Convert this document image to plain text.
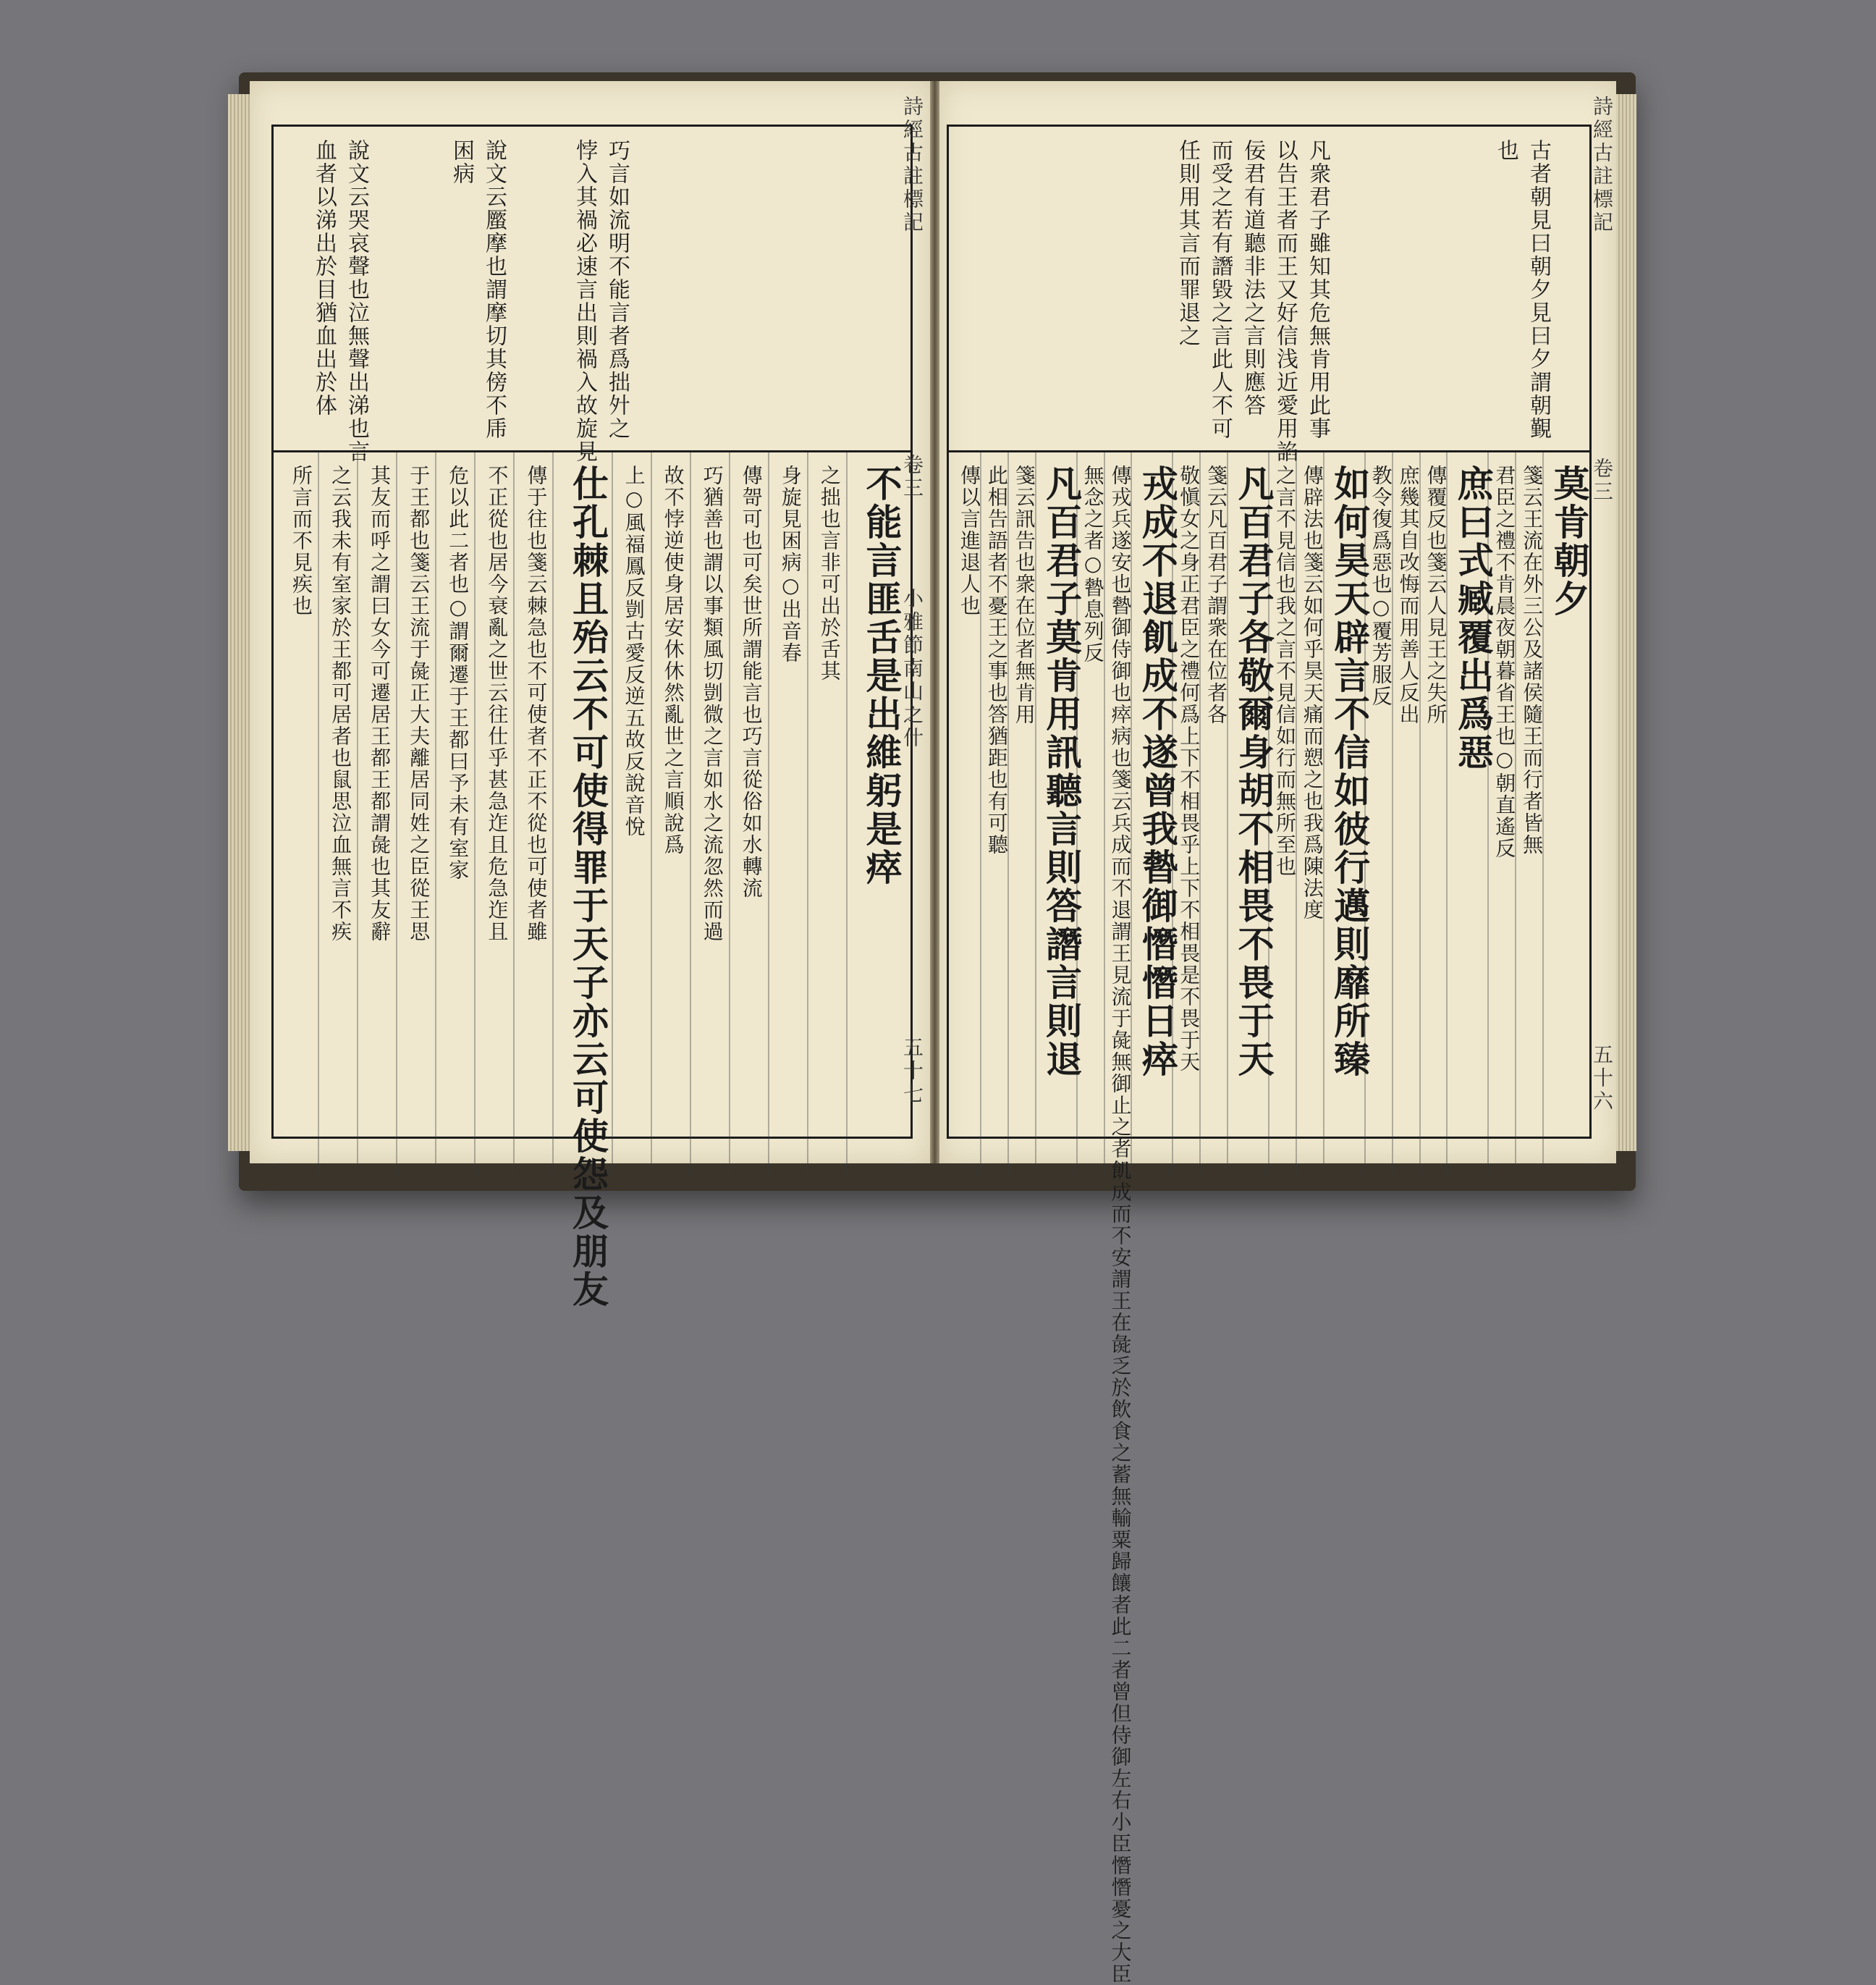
詩經古註標記
卷三
小雅節南山之什
五十七
血者以涕出於目猶血出於体 說文云哭哀聲也泣無聲出涕也言	困病 說文云蟨摩也謂摩切其傍不乕	悖入其禍必速言出則禍入故旋見 巧言如流明不能言者爲拙㚈之
不能言匪舌是出維躬是瘁
之拙也言非可出於舌其
身旋見困病○出音春
傳哿可也可矣世所謂能言也巧言從俗如水轉流
巧猶善也謂以事類風切剴微之言如水之流忽然而過
故不悖逆使身居安休休然亂世之言順說爲
上○風福鳳反剴古愛反逆五故反說音悅
仕孔棘且殆云不可使得罪于天子亦云可使怨及朋友
傳于往也箋云棘急也不可使者不正不從也可使者雖
不正從也居今衰亂之世云往仕乎甚急迮且危急迮且
危以此二者也○謂爾遷于王都曰予未有室家
于王都也箋云王流于彘正大夫離居同姓之臣從王思
其友而呼之謂曰女今可遷居王都王都謂彘也其友辭
之云我未有室家於王都可居者也鼠思泣血無言不疾
所言而不見疾也
詩經古註標記
卷三
五十六
任則用其言而罪退之 而受之若有譖毀之言此人不可 佞君有道聽非法之言則應答 以告王者而王又好信浅近愛用諂 凡衆君子雖知其危無肯用此事	也 古者朝見曰朝夕見曰夕謂朝覲
莫肯朝夕
箋云王流在外三公及諸侯隨王而行者皆無
君臣之禮不肯晨夜朝暮省王也○朝直遙反
庶曰式臧覆出爲惡
傳覆反也箋云人見王之失所
庶幾其自改悔而用善人反出
教令復爲惡也○覆芳服反
如何昊天辟言不信如彼行邁則靡所臻
傳辟法也箋云如何乎昊天痛而愬之也我爲陳法度
之言不見信也我之言不見信如行而無所至也
凡百君子各敬爾身胡不相畏不畏于天
箋云凡百君子謂衆在位者各
敬愼女之身正君臣之禮何爲上下不相畏乎上下不相畏是不畏于天
戎成不退飢成不遂曾我暬御憯憯日瘁
傳戎兵遂安也暬御侍御也瘁病也箋云兵成而不退謂王見流于彘無御止之者飢成而不安謂王在彘乏於飲食之蓄無輸粟歸饟者此二者曾但侍御左右小臣憯憯憂之大臣
無念之者○暬息列反
凡百君子莫肯用訊聽言則答譖言則退
箋云訊告也衆在位者無肯用
此相告語者不憂王之事也答猶距也有可聽
傳以言進退人也
